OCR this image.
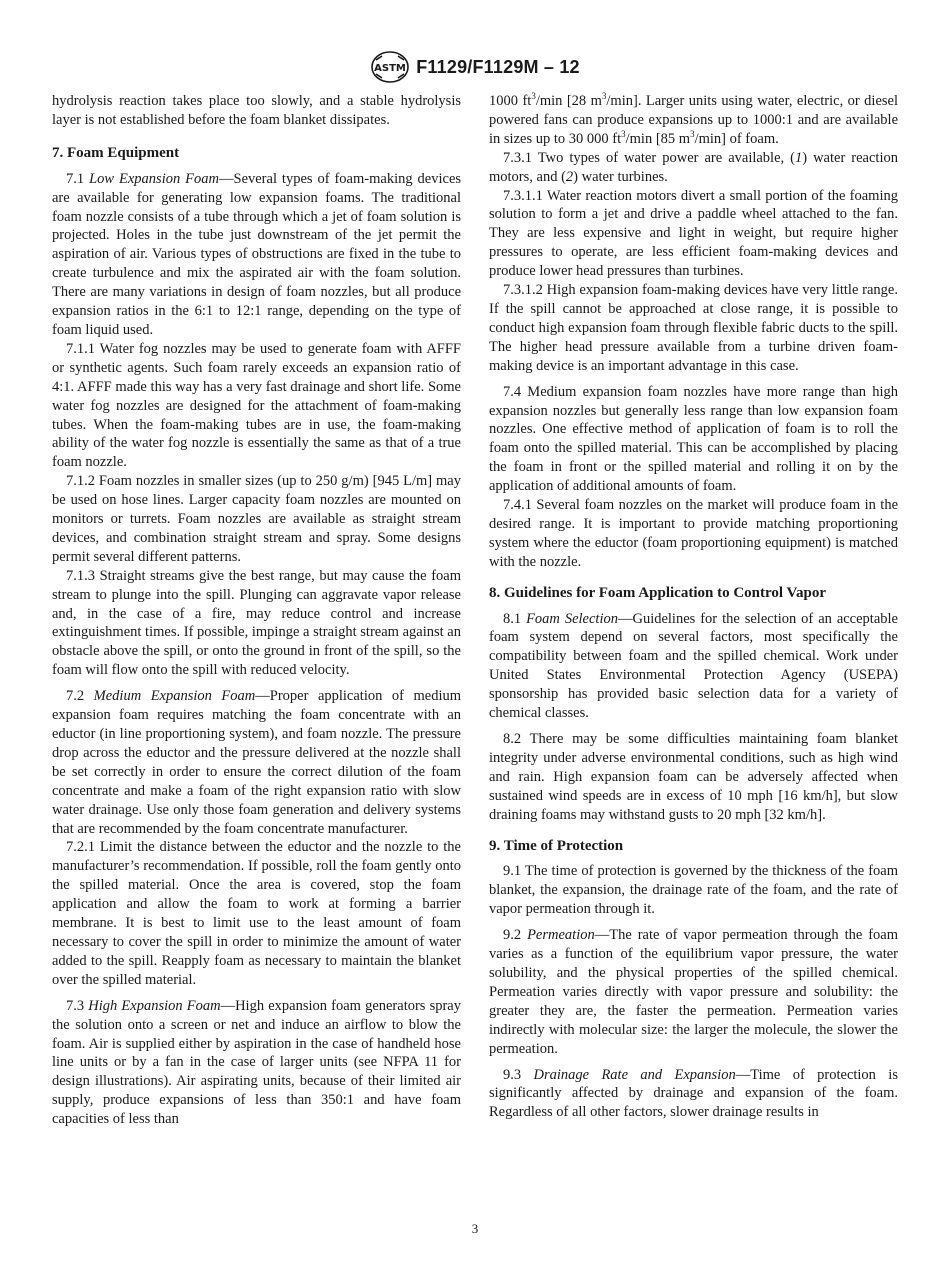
ASTM F1129/F1129M – 12

hydrolysis reaction takes place too slowly, and a stable hydrolysis layer is not established before the foam blanket dissipates.

7. Foam Equipment

7.1 Low Expansion Foam—Several types of foam-making devices are available for generating low expansion foams. The traditional foam nozzle consists of a tube through which a jet of foam solution is projected. Holes in the tube just downstream of the jet permit the aspiration of air. Various types of obstructions are fixed in the tube to create turbulence and mix the aspirated air with the foam solution. There are many variations in design of foam nozzles, but all produce expansion ratios in the 6:1 to 12:1 range, depending on the type of foam liquid used.

7.1.1 Water fog nozzles may be used to generate foam with AFFF or synthetic agents. Such foam rarely exceeds an expansion ratio of 4:1. AFFF made this way has a very fast drainage and short life. Some water fog nozzles are designed for the attachment of foam-making tubes. When the foam-making tubes are in use, the foam-making ability of the water fog nozzle is essentially the same as that of a true foam nozzle.

7.1.2 Foam nozzles in smaller sizes (up to 250 g/m) [945 L/m] may be used on hose lines. Larger capacity foam nozzles are mounted on monitors or turrets. Foam nozzles are available as straight stream devices, and combination straight stream and spray. Some designs permit several different patterns.

7.1.3 Straight streams give the best range, but may cause the foam stream to plunge into the spill. Plunging can aggravate vapor release and, in the case of a fire, may reduce control and increase extinguishment times. If possible, impinge a straight stream against an obstacle above the spill, or onto the ground in front of the spill, so the foam will flow onto the spill with reduced velocity.

7.2 Medium Expansion Foam—Proper application of medium expansion foam requires matching the foam concentrate with an eductor (in line proportioning system), and foam nozzle. The pressure drop across the eductor and the pressure delivered at the nozzle shall be set correctly in order to ensure the correct dilution of the foam concentrate and make a foam of the right expansion ratio with slow water drainage. Use only those foam generation and delivery systems that are recommended by the foam concentrate manufacturer.

7.2.1 Limit the distance between the eductor and the nozzle to the manufacturer’s recommendation. If possible, roll the foam gently onto the spilled material. Once the area is covered, stop the foam application and allow the foam to work at forming a barrier membrane. It is best to limit use to the least amount of foam necessary to cover the spill in order to minimize the amount of water added to the spill. Reapply foam as necessary to maintain the blanket over the spilled material.

7.3 High Expansion Foam—High expansion foam generators spray the solution onto a screen or net and induce an airflow to blow the foam. Air is supplied either by aspiration in the case of handheld hose line units or by a fan in the case of larger units (see NFPA 11 for design illustrations). Air aspirating units, because of their limited air supply, produce expansions of less than 350:1 and have foam capacities of less than

1000 $ft^3/\min$ [28 $m^3/\min$]. Larger units using water, electric, or diesel powered fans can produce expansions up to 1000:1 and are available in sizes up to 30 000 $ft^3/\min$ [85 $m^3/\min$] of foam.

7.3.1 Two types of water power are available, (1) water reaction motors, and (2) water turbines.

7.3.1.1 Water reaction motors divert a small portion of the foaming solution to form a jet and drive a paddle wheel attached to the fan. They are less expensive and light in weight, but require higher pressures to operate, are less efficient foam-making devices and produce lower head pressures than turbines.

7.3.1.2 High expansion foam-making devices have very little range. If the spill cannot be approached at close range, it is possible to conduct high expansion foam through flexible fabric ducts to the spill. The higher head pressure available from a turbine driven foam-making device is an important advantage in this case.

7.4 Medium expansion foam nozzles have more range than high expansion nozzles but generally less range than low expansion foam nozzles. One effective method of application of foam is to roll the foam onto the spilled material. This can be accomplished by placing the foam in front or the spilled material and rolling it on by the application of additional amounts of foam.

7.4.1 Several foam nozzles on the market will produce foam in the desired range. It is important to provide matching proportioning system where the eductor (foam proportioning equipment) is matched with the nozzle.

8. Guidelines for Foam Application to Control Vapor

8.1 Foam Selection—Guidelines for the selection of an acceptable foam system depend on several factors, most specifically the compatibility between foam and the spilled chemical. Work under United States Environmental Protection Agency (USEPA) sponsorship has provided basic selection data for a variety of chemical classes.

8.2 There may be some difficulties maintaining foam blanket integrity under adverse environmental conditions, such as high wind and rain. High expansion foam can be adversely affected when sustained wind speeds are in excess of 10 mph [16 km/h], but slow draining foams may withstand gusts to 20 mph [32 km/h].

9. Time of Protection

9.1 The time of protection is governed by the thickness of the foam blanket, the expansion, the drainage rate of the foam, and the rate of vapor permeation through it.

9.2 Permeation—The rate of vapor permeation through the foam varies as a function of the equilibrium vapor pressure, the water solubility, and the physical properties of the spilled chemical. Permeation varies directly with vapor pressure and solubility: the greater they are, the faster the permeation. Permeation varies indirectly with molecular size: the larger the molecule, the slower the permeation.

9.3 Drainage Rate and Expansion—Time of protection is significantly affected by drainage and expansion of the foam. Regardless of all other factors, slower drainage results in

3
